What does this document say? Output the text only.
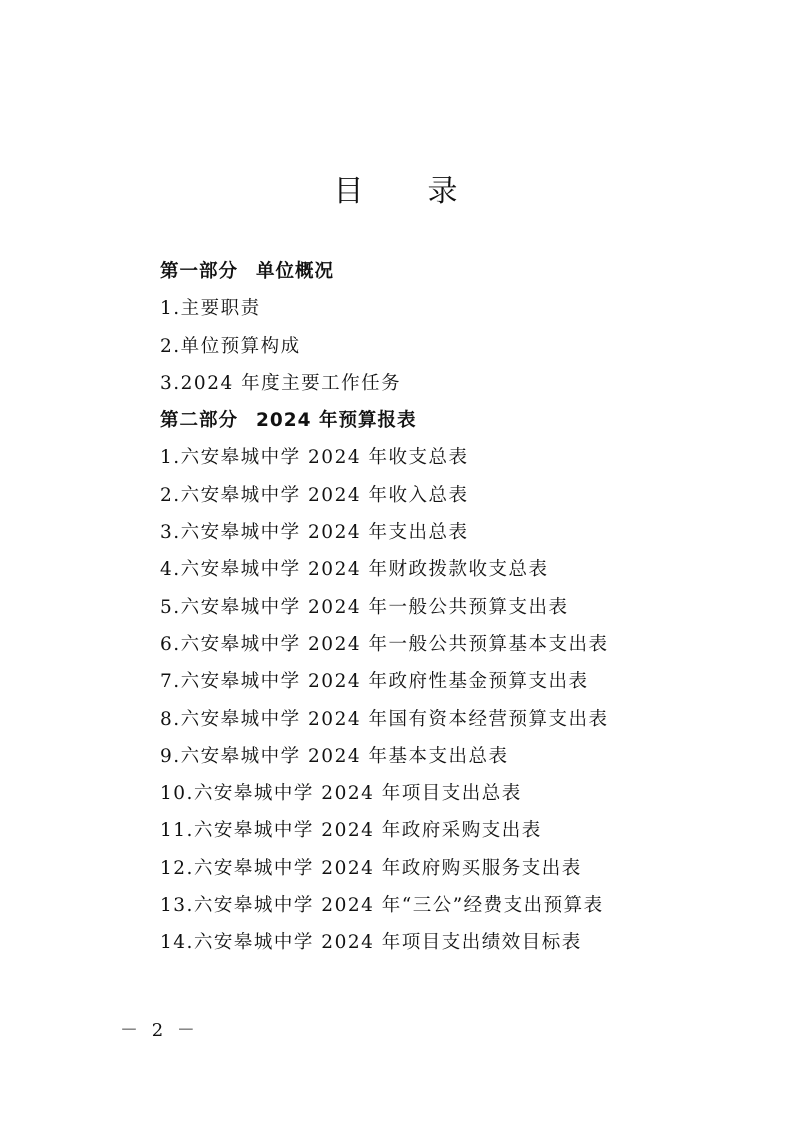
目 录
第一部分 单位概况
1.主要职责
2.单位预算构成
3.2024 年度主要工作任务
第二部分 2024 年预算报表
1.六安皋城中学 2024 年收支总表
2.六安皋城中学 2024 年收入总表
3.六安皋城中学 2024 年支出总表
4.六安皋城中学 2024 年财政拨款收支总表
5.六安皋城中学 2024 年一般公共预算支出表
6.六安皋城中学 2024 年一般公共预算基本支出表
7.六安皋城中学 2024 年政府性基金预算支出表
8.六安皋城中学 2024 年国有资本经营预算支出表
9.六安皋城中学 2024 年基本支出总表
10.六安皋城中学 2024 年项目支出总表
11.六安皋城中学 2024 年政府采购支出表
12.六安皋城中学 2024 年政府购买服务支出表
13.六安皋城中学 2024 年“三公”经费支出预算表
14.六安皋城中学 2024 年项目支出绩效目标表
－ 2 －
